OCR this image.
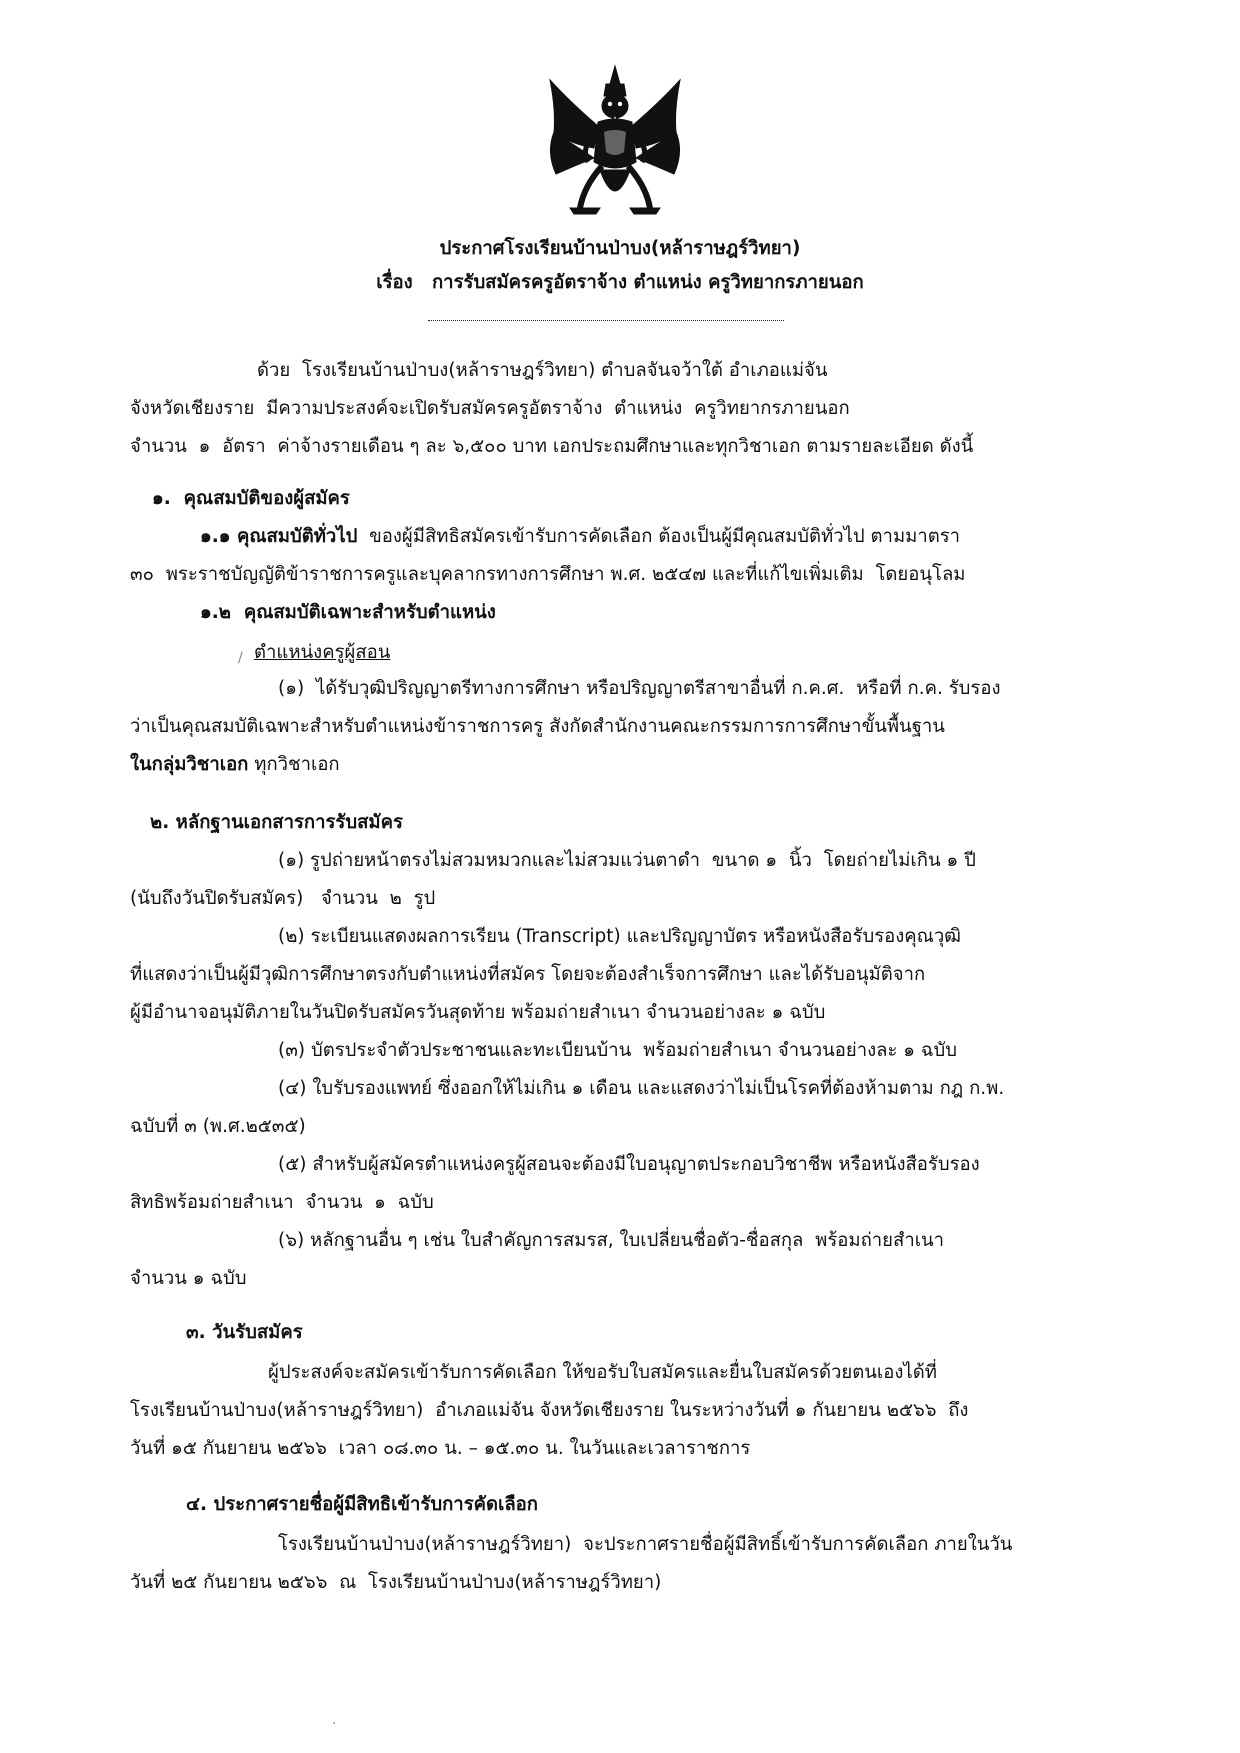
ประกาศโรงเรียนบ้านป่าบง(หล้าราษฎร์วิทยา)
เรื่อง   การรับสมัครครูอัตราจ้าง ตำแหน่ง ครูวิทยากรภายนอก
ด้วย  โรงเรียนบ้านป่าบง(หล้าราษฎร์วิทยา) ตำบลจันจว้าใต้ อำเภอแม่จัน
จังหวัดเชียงราย  มีความประสงค์จะเปิดรับสมัครครูอัตราจ้าง  ตำแหน่ง  ครูวิทยากรภายนอก
จำนวน  ๑  อัตรา  ค่าจ้างรายเดือน ๆ ละ ๖,๕๐๐ บาท เอกประถมศึกษาและทุกวิชาเอก ตามรายละเอียด ดังนี้
๑.  คุณสมบัติของผู้สมัคร
๑.๑ คุณสมบัติทั่วไป  ของผู้มีสิทธิสมัครเข้ารับการคัดเลือก ต้องเป็นผู้มีคุณสมบัติทั่วไป ตามมาตรา
๓๐  พระราชบัญญัติข้าราชการครูและบุคลากรทางการศึกษา พ.ศ. ๒๕๔๗ และที่แก้ไขเพิ่มเติม  โดยอนุโลม
๑.๒  คุณสมบัติเฉพาะสำหรับตำแหน่ง
ตำแหน่งครูผู้สอน
(๑)  ได้รับวุฒิปริญญาตรีทางการศึกษา หรือปริญญาตรีสาขาอื่นที่ ก.ค.ศ.  หรือที่ ก.ค. รับรอง
ว่าเป็นคุณสมบัติเฉพาะสำหรับตำแหน่งข้าราชการครู สังกัดสำนักงานคณะกรรมการการศึกษาขั้นพื้นฐาน
ในกลุ่มวิชาเอก ทุกวิชาเอก
๒. หลักฐานเอกสารการรับสมัคร
(๑) รูปถ่ายหน้าตรงไม่สวมหมวกและไม่สวมแว่นตาดำ  ขนาด ๑  นิ้ว  โดยถ่ายไม่เกิน ๑ ปี
(นับถึงวันปิดรับสมัคร)   จำนวน  ๒  รูป
(๒) ระเบียนแสดงผลการเรียน (Transcript) และปริญญาบัตร หรือหนังสือรับรองคุณวุฒิ
ที่แสดงว่าเป็นผู้มีวุฒิการศึกษาตรงกับตำแหน่งที่สมัคร โดยจะต้องสำเร็จการศึกษา และได้รับอนุมัติจาก
ผู้มีอำนาจอนุมัติภายในวันปิดรับสมัครวันสุดท้าย พร้อมถ่ายสำเนา จำนวนอย่างละ ๑ ฉบับ
(๓) บัตรประจำตัวประชาชนและทะเบียนบ้าน  พร้อมถ่ายสำเนา จำนวนอย่างละ ๑ ฉบับ
(๔) ใบรับรองแพทย์ ซึ่งออกให้ไม่เกิน ๑ เดือน และแสดงว่าไม่เป็นโรคที่ต้องห้ามตาม กฎ ก.พ.
ฉบับที่ ๓ (พ.ศ.๒๕๓๕)
(๕) สำหรับผู้สมัครตำแหน่งครูผู้สอนจะต้องมีใบอนุญาตประกอบวิชาชีพ หรือหนังสือรับรอง
สิทธิพร้อมถ่ายสำเนา  จำนวน  ๑  ฉบับ
(๖) หลักฐานอื่น ๆ เช่น ใบสำคัญการสมรส, ใบเปลี่ยนชื่อตัว-ชื่อสกุล  พร้อมถ่ายสำเนา
จำนวน ๑ ฉบับ
๓. วันรับสมัคร
ผู้ประสงค์จะสมัครเข้ารับการคัดเลือก ให้ขอรับใบสมัครและยื่นใบสมัครด้วยตนเองได้ที่
โรงเรียนบ้านป่าบง(หล้าราษฎร์วิทยา)  อำเภอแม่จัน จังหวัดเชียงราย ในระหว่างวันที่ ๑ กันยายน ๒๕๖๖  ถึง
วันที่ ๑๕ กันยายน ๒๕๖๖  เวลา ๐๘.๓๐ น. – ๑๕.๓๐ น. ในวันและเวลาราชการ
๔. ประกาศรายชื่อผู้มีสิทธิเข้ารับการคัดเลือก
โรงเรียนบ้านป่าบง(หล้าราษฎร์วิทยา)  จะประกาศรายชื่อผู้มีสิทธิ์เข้ารับการคัดเลือก ภายในวัน
วันที่ ๒๕ กันยายน ๒๕๖๖  ณ  โรงเรียนบ้านป่าบง(หล้าราษฎร์วิทยา)
/
·
